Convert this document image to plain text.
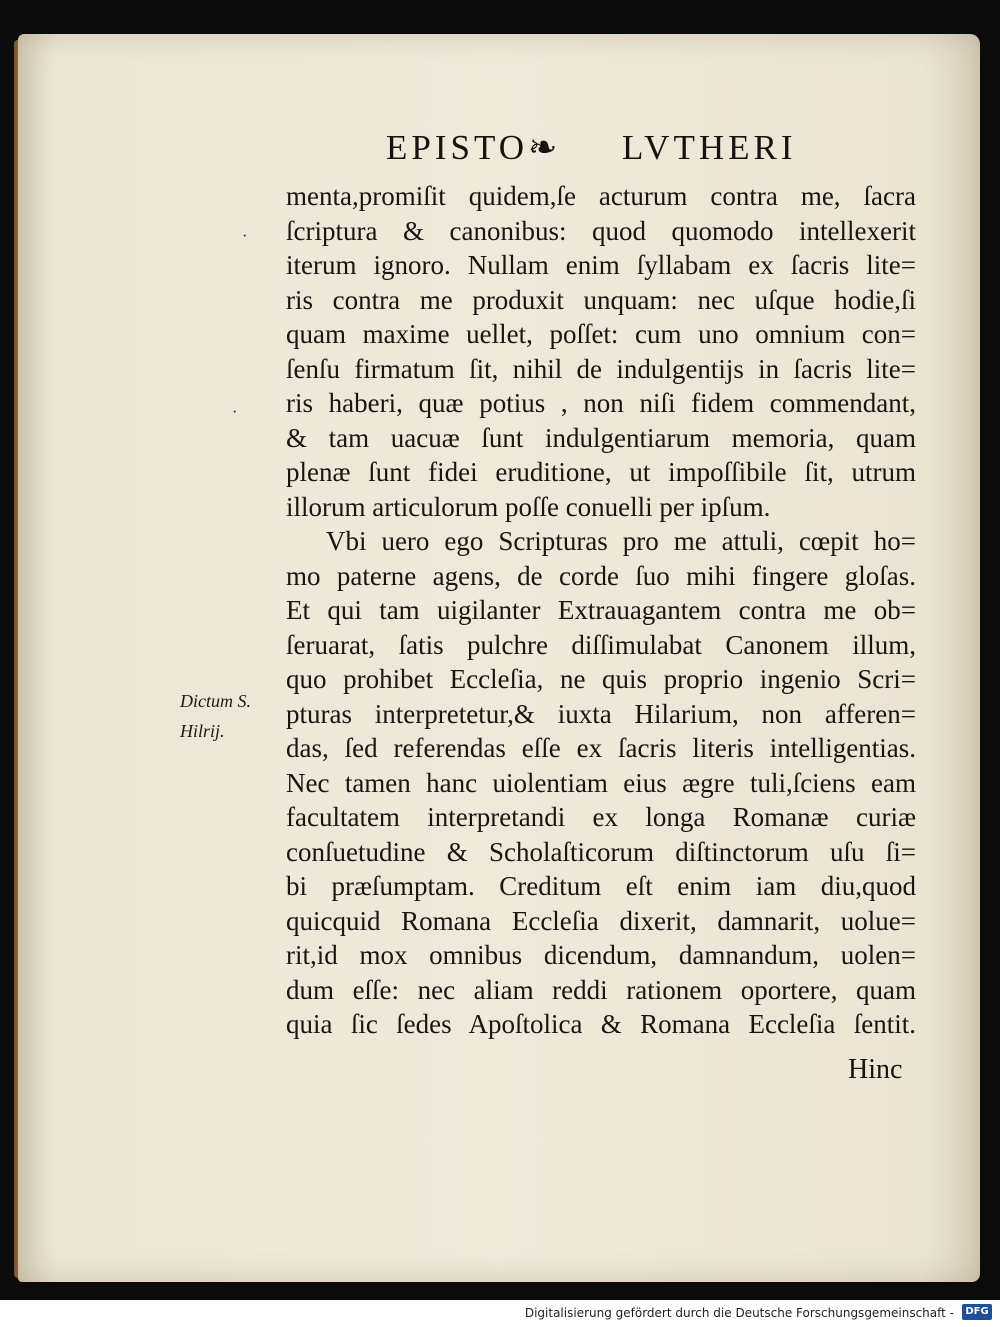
EPISTO❧ LVTHERI
·
·
Dictum S.
Hilrij.
menta,promiſit quidem,ſe acturum contra me, ſacra
ſcriptura & canonibus: quod quomodo intellexerit
iterum ignoro. Nullam enim ſyllabam ex ſacris lite=
ris contra me produxit unquam: nec uſque hodie,ſi
quam maxime uellet, poſſet: cum uno omnium con=
ſenſu firmatum ſit, nihil de indulgentijs in ſacris lite=
ris haberi, quæ potius , non niſi fidem commendant,
& tam uacuæ ſunt indulgentiarum memoria, quam
plenæ ſunt fidei eruditione, ut impoſſibile ſit, utrum
illorum articulorum poſſe conuelli per ipſum.
Vbi uero ego Scripturas pro me attuli, cœpit ho=
mo paterne agens, de corde ſuo mihi fingere gloſas.
Et qui tam uigilanter Extrauagantem contra me ob=
ſeruarat, ſatis pulchre diſſimulabat Canonem illum,
quo prohibet Eccleſia, ne quis proprio ingenio Scri=
pturas interpretetur,& iuxta Hilarium, non afferen=
das, ſed referendas eſſe ex ſacris literis intelligentias.
Nec tamen hanc uiolentiam eius ægre tuli,ſciens eam
facultatem interpretandi ex longa Romanæ curiæ
conſuetudine & Scholaſticorum diſtinctorum uſu ſi=
bi præſumptam. Creditum eſt enim iam diu,quod
quicquid Romana Eccleſia dixerit, damnarit, uolue=
rit,id mox omnibus dicendum, damnandum, uolen=
dum eſſe: nec aliam reddi rationem oportere, quam
quia ſic ſedes Apoſtolica & Romana Eccleſia ſentit.
Hinc
Digitalisierung gefördert durch die Deutsche Forschungsgemeinschaft -	DFG
